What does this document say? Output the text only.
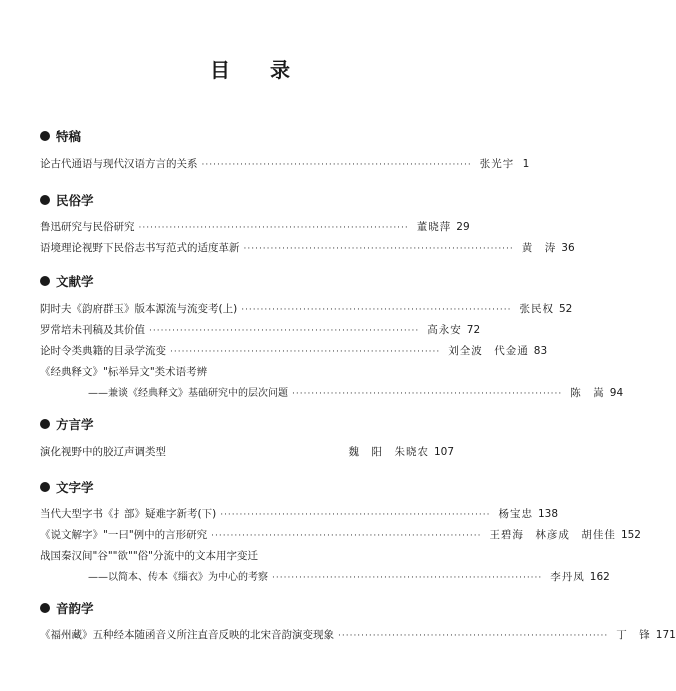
目 录
特稿
论古代通语与现代汉语方言的关系 ······································································ 张光宇 1
民俗学
鲁迅研究与民俗研究 ······································································ 董晓萍 29
语境理论视野下民俗志书写范式的适度革新 ······································································ 黄　涛 36
文献学
阴时夫《韵府群玉》版本源流与流变考(上) ······································································ 张民权 52
罗常培未刊稿及其价值 ······································································ 高永安 72
论时令类典籍的目录学流变 ······································································ 刘全波　代金通 83
《经典释文》"标举异文"类术语考辨
——兼谈《经典释文》基础研究中的层次问题 ······································································ 陈　嵩 94
方言学
演化视野中的胶辽声调类型	魏　阳　朱晓农 107
文字学
当代大型字书《扌部》疑难字新考(下) ······································································ 杨宝忠 138
《说文解字》"一曰"例中的言形研究 ······································································ 王碧海　林彦成　胡佳佳 152
战国秦汉间"谷""欲""俗"分流中的文本用字变迁
——以简本、传本《缁衣》为中心的考察 ······································································ 李丹凤 162
音韵学
《福州藏》五种经本随函音义所注直音反映的北宋音韵演变现象 ······································································ 丁　锋 171
